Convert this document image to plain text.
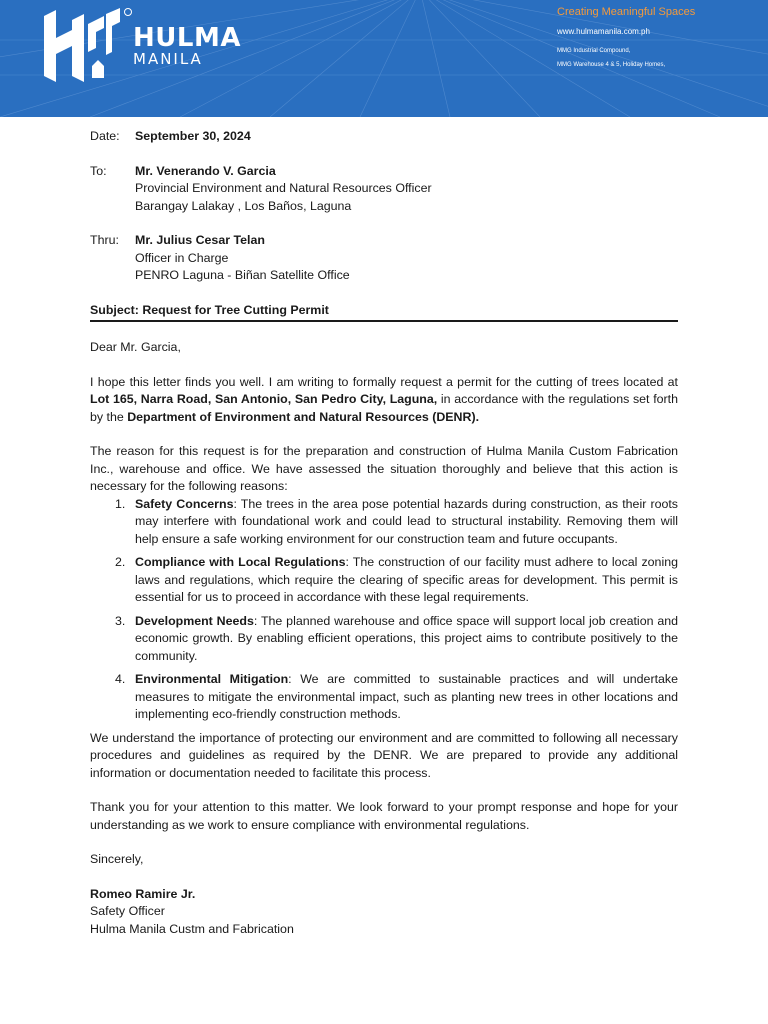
HULMA
MANILA
Creating Meaningful Spaces
www.hulmamanila.com.ph
MMG Industrial Compound,
MMG Warehouse 4 & 5, Holiday Homes,
Date:	September 30, 2024
To:	Mr. Venerando V. Garcia
Provincial Environment and Natural Resources Officer
Barangay Lalakay , Los Baños, Laguna
Thru:	Mr. Julius Cesar Telan
Officer in Charge
PENRO Laguna - Biñan Satellite Office
Subject: Request for Tree Cutting Permit

Dear Mr. Garcia,

I hope this letter finds you well. I am writing to formally request a permit for the cutting of trees located at Lot 165, Narra Road, San Antonio, San Pedro City, Laguna, in accordance with the regulations set forth by the Department of Environment and Natural Resources (DENR).

The reason for this request is for the preparation and construction of Hulma Manila Custom Fabrication Inc., warehouse and office. We have assessed the situation thoroughly and believe that this action is necessary for the following reasons:

1. Safety Concerns: The trees in the area pose potential hazards during construction, as their roots may interfere with foundational work and could lead to structural instability. Removing them will help ensure a safe working environment for our construction team and future occupants.
2. Compliance with Local Regulations: The construction of our facility must adhere to local zoning laws and regulations, which require the clearing of specific areas for development. This permit is essential for us to proceed in accordance with these legal requirements.
3. Development Needs: The planned warehouse and office space will support local job creation and economic growth. By enabling efficient operations, this project aims to contribute positively to the community.
4. Environmental Mitigation: We are committed to sustainable practices and will undertake measures to mitigate the environmental impact, such as planting new trees in other locations and implementing eco-friendly construction methods.

We understand the importance of protecting our environment and are committed to following all necessary procedures and guidelines as required by the DENR. We are prepared to provide any additional information or documentation needed to facilitate this process.

Thank you for your attention to this matter. We look forward to your prompt response and hope for your understanding as we work to ensure compliance with environmental regulations.

Sincerely,

Romeo Ramire Jr.
Safety Officer
Hulma Manila Custm and Fabrication
